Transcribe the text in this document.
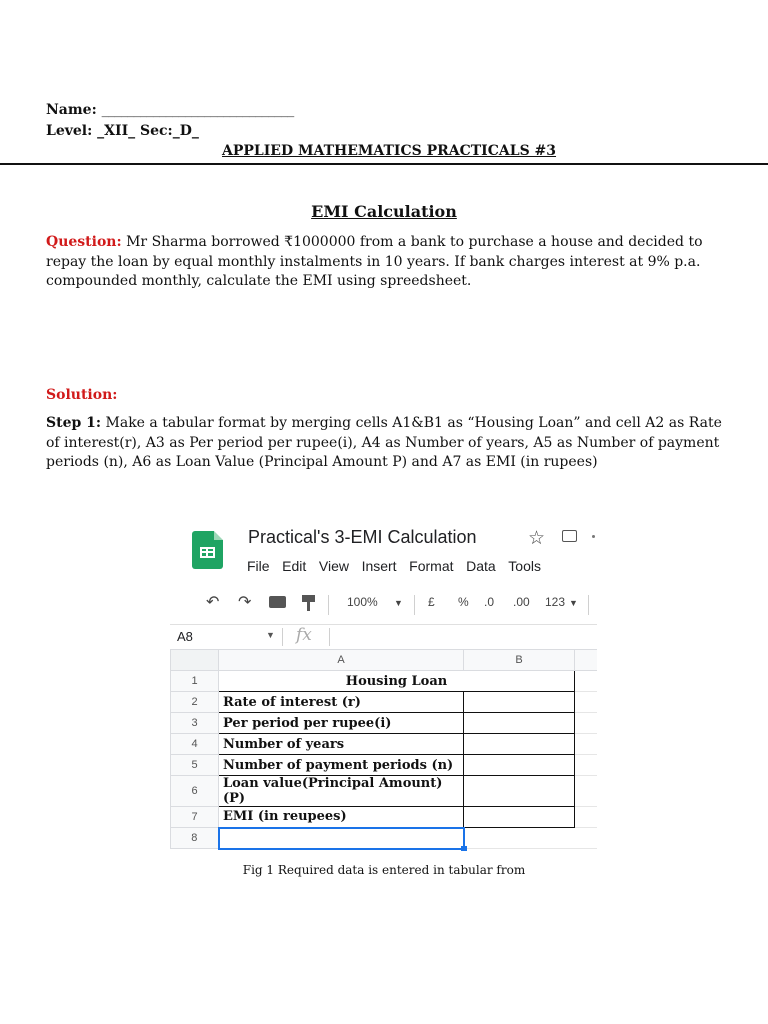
Name: ______________________________
Level: _XII_ Sec:_D_
APPLIED MATHEMATICS PRACTICALS #3
EMI Calculation
Question: Mr Sharma borrowed ₹1000000 from a bank to purchase a house and decided to repay the loan by equal monthly instalments in 10 years. If bank charges interest at 9% p.a. compounded monthly, calculate the EMI using spreedsheet.
Solution:
Step 1: Make a tabular format by merging cells A1&B1 as “Housing Loan” and cell A2 as Rate of interest(r), A3 as Per period per rupee(i), A4 as Number of years, A5 as Number of payment periods (n), A6 as Loan Value (Principal Amount P) and A7 as EMI (in rupees)
Practical's 3-EMI Calculation	☆
File Edit View Insert Format Data Tools
↶ ↷	100% ▼ £ % .0 .00 123 ▼
A8	▼ fx
	A	B	
1	Housing Loan		
2	Rate of interest (r)		
3	Per period per rupee(i)		
4	Number of years		
5	Number of payment periods (n)		
6	Loan value(Principal Amount) (P)		
7	EMI (in reupees)		
8	

Fig 1 Required data is entered in tabular from
